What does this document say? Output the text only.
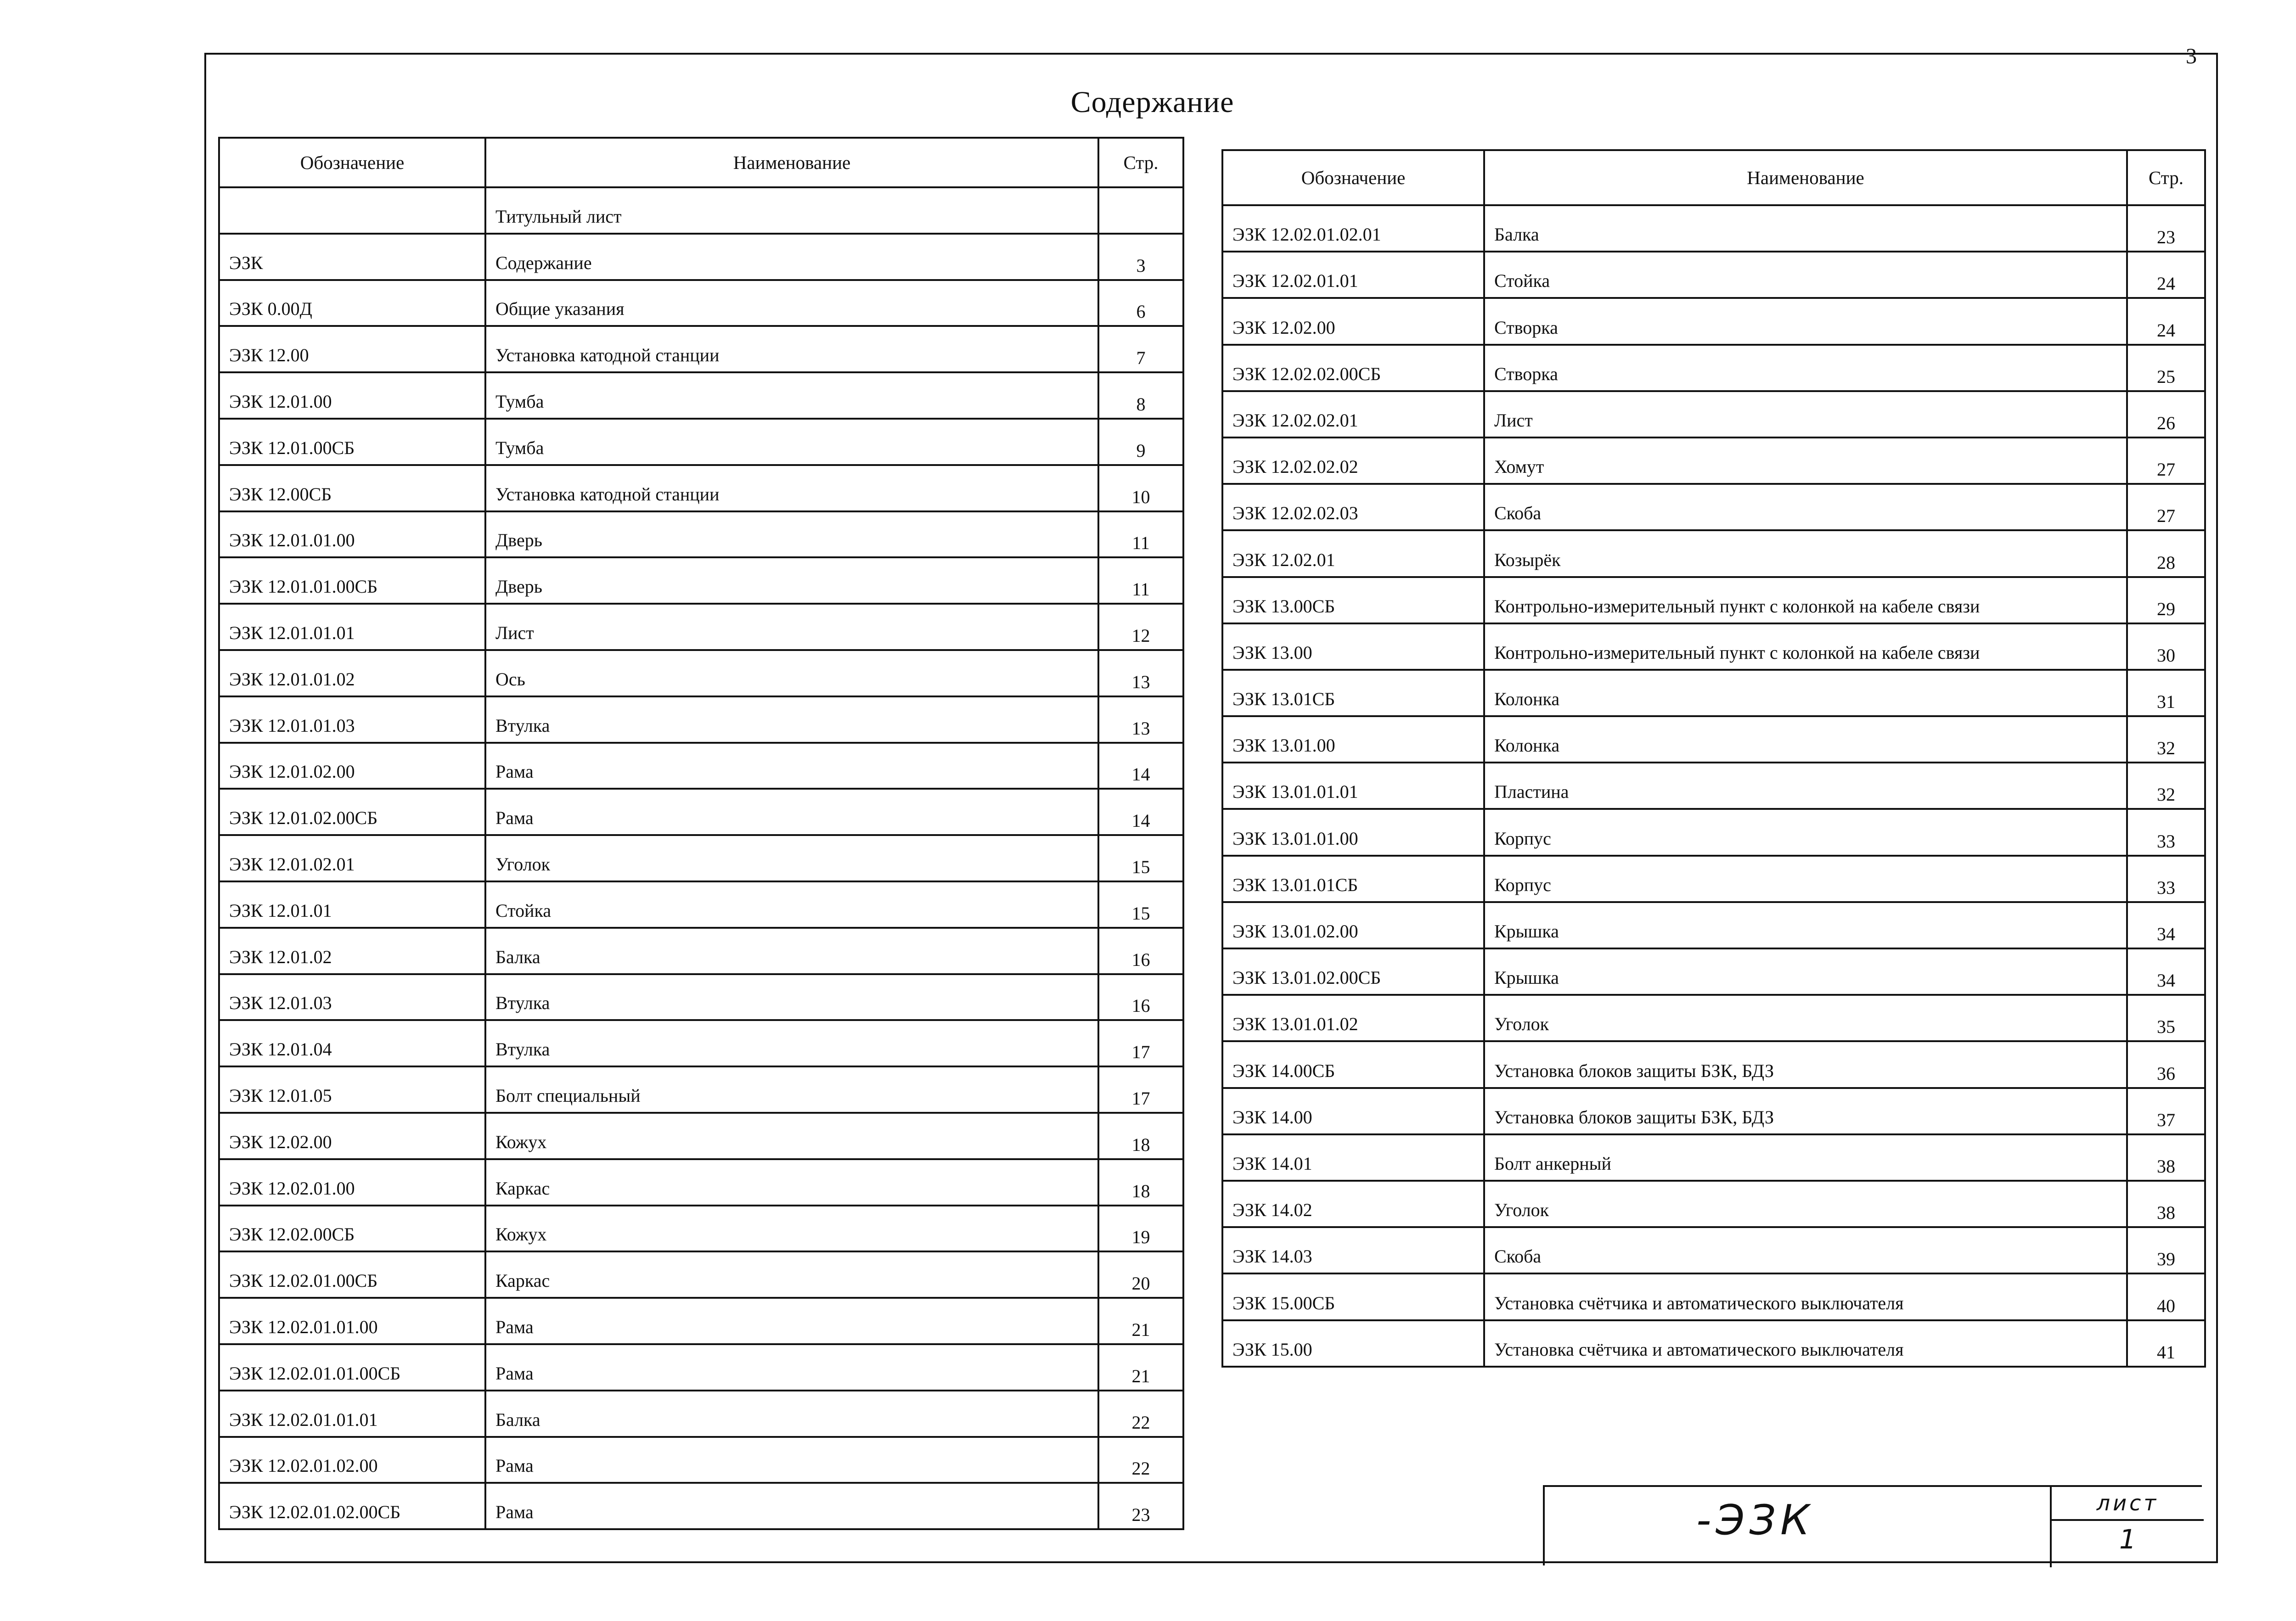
3
Содержание
Обозначение	Наименование	Стр.
	Титульный лист	
ЭЗК	Содержание	3
ЭЗК 0.00Д	Общие указания	6
ЭЗК 12.00	Установка катодной станции	7
ЭЗК 12.01.00	Тумба	8
ЭЗК 12.01.00СБ	Тумба	9
ЭЗК 12.00СБ	Установка катодной станции	10
ЭЗК 12.01.01.00	Дверь	11
ЭЗК 12.01.01.00СБ	Дверь	11
ЭЗК 12.01.01.01	Лист	12
ЭЗК 12.01.01.02	Ось	13
ЭЗК 12.01.01.03	Втулка	13
ЭЗК 12.01.02.00	Рама	14
ЭЗК 12.01.02.00СБ	Рама	14
ЭЗК 12.01.02.01	Уголок	15
ЭЗК 12.01.01	Стойка	15
ЭЗК 12.01.02	Балка	16
ЭЗК 12.01.03	Втулка	16
ЭЗК 12.01.04	Втулка	17
ЭЗК 12.01.05	Болт специальный	17
ЭЗК 12.02.00	Кожух	18
ЭЗК 12.02.01.00	Каркас	18
ЭЗК 12.02.00СБ	Кожух	19
ЭЗК 12.02.01.00СБ	Каркас	20
ЭЗК 12.02.01.01.00	Рама	21
ЭЗК 12.02.01.01.00СБ	Рама	21
ЭЗК 12.02.01.01.01	Балка	22
ЭЗК 12.02.01.02.00	Рама	22
ЭЗК 12.02.01.02.00СБ	Рама	23
Обозначение	Наименование	Стр.
ЭЗК 12.02.01.02.01	Балка	23
ЭЗК 12.02.01.01	Стойка	24
ЭЗК 12.02.00	Створка	24
ЭЗК 12.02.02.00СБ	Створка	25
ЭЗК 12.02.02.01	Лист	26
ЭЗК 12.02.02.02	Хомут	27
ЭЗК 12.02.02.03	Скоба	27
ЭЗК 12.02.01	Козырёк	28
ЭЗК 13.00СБ	Контрольно-измерительный пункт с колонкой на кабеле связи	29
ЭЗК 13.00	Контрольно-измерительный пункт с колонкой на кабеле связи	30
ЭЗК 13.01СБ	Колонка	31
ЭЗК 13.01.00	Колонка	32
ЭЗК 13.01.01.01	Пластина	32
ЭЗК 13.01.01.00	Корпус	33
ЭЗК 13.01.01СБ	Корпус	33
ЭЗК 13.01.02.00	Крышка	34
ЭЗК 13.01.02.00СБ	Крышка	34
ЭЗК 13.01.01.02	Уголок	35
ЭЗК 14.00СБ	Установка блоков защиты БЗК, БДЗ	36
ЭЗК 14.00	Установка блоков защиты БЗК, БДЗ	37
ЭЗК 14.01	Болт анкерный	38
ЭЗК 14.02	Уголок	38
ЭЗК 14.03	Скоба	39
ЭЗК 15.00СБ	Установка счётчика и автоматического выключателя	40
ЭЗК 15.00	Установка счётчика и автоматического выключателя	41
-ЭЗК	лист
1
